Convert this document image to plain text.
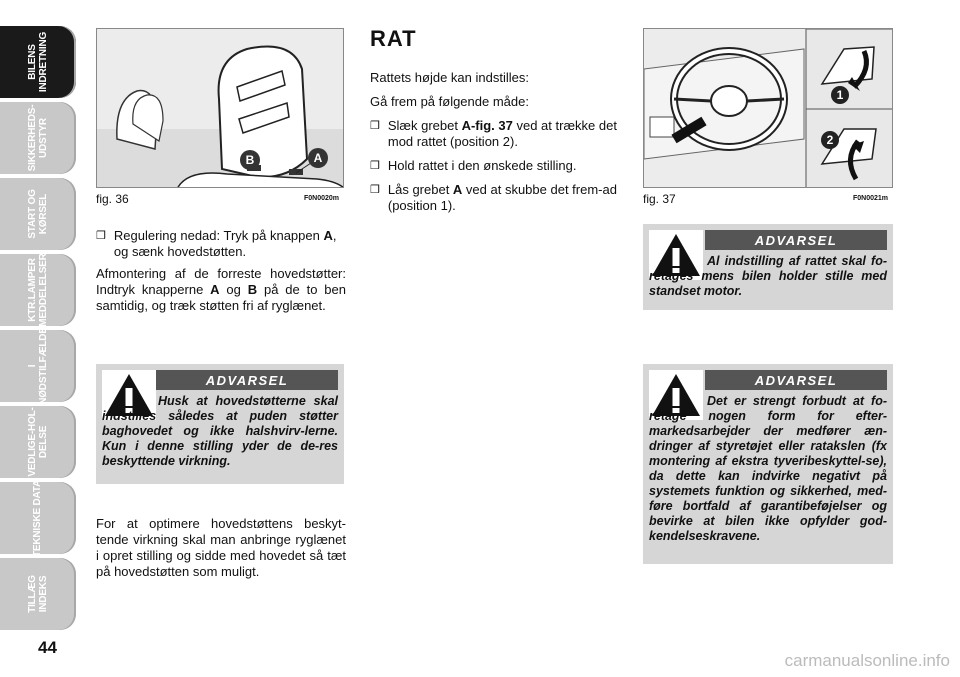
BILENS
INDRETNING
SIKKERHEDS-
UDSTYR
START OG
KØRSEL
KTR.LAMPER
MEDDELELSER
I
NØDSTILFÆLDE
VEDLIGE-HOL-
DELSE
TEKNISKE DATA
TILLÆG
INDEKS
44
B	A
fig. 36	F0N0020m
❒ Regulering nedad: Tryk på knappen A, og sænk hovedstøtten.

Afmontering af de forreste hovedstøtter: Indtryk knapperne A og B på de to ben samtidig, og træk støtten fri af ryglænet.

ADVARSEL
Husk at hovedstøtterne skal indstilles således at puden støtter baghovedet og ikke halshvirv-lerne. Kun i denne stilling yder de de-res beskyttende virkning.
For at optimere hovedstøttens beskyt-tende virkning skal man anbringe ryglænet i opret stilling og sidde med hovedet så tæt på hovedstøtten som muligt.
RAT

Rattets højde kan indstilles:

Gå frem på følgende måde:

❒ Slæk grebet A-fig. 37 ved at trække det mod rattet (position 2).
❒ Hold rattet i den ønskede stilling.
❒ Lås grebet A ved at skubbe det frem-ad (position 1).
1
2
fig. 37	F0N0021m
ADVARSEL
Al indstilling af rattet skal fo-retages mens bilen holder stille med standset motor.
ADVARSEL
Det er strengt forbudt at fo-retage nogen form for efter-markedsarbejder der medfører æn-dringer af styretøjet eller ratakslen (fx montering af ekstra tyveribeskyttel-se), da dette kan indvirke negativt på systemets funktion og sikkerhed, med-føre bortfald af garantibeføjelser og bevirke at bilen ikke opfylder god-kendelseskravene.
carmanualsonline.info
